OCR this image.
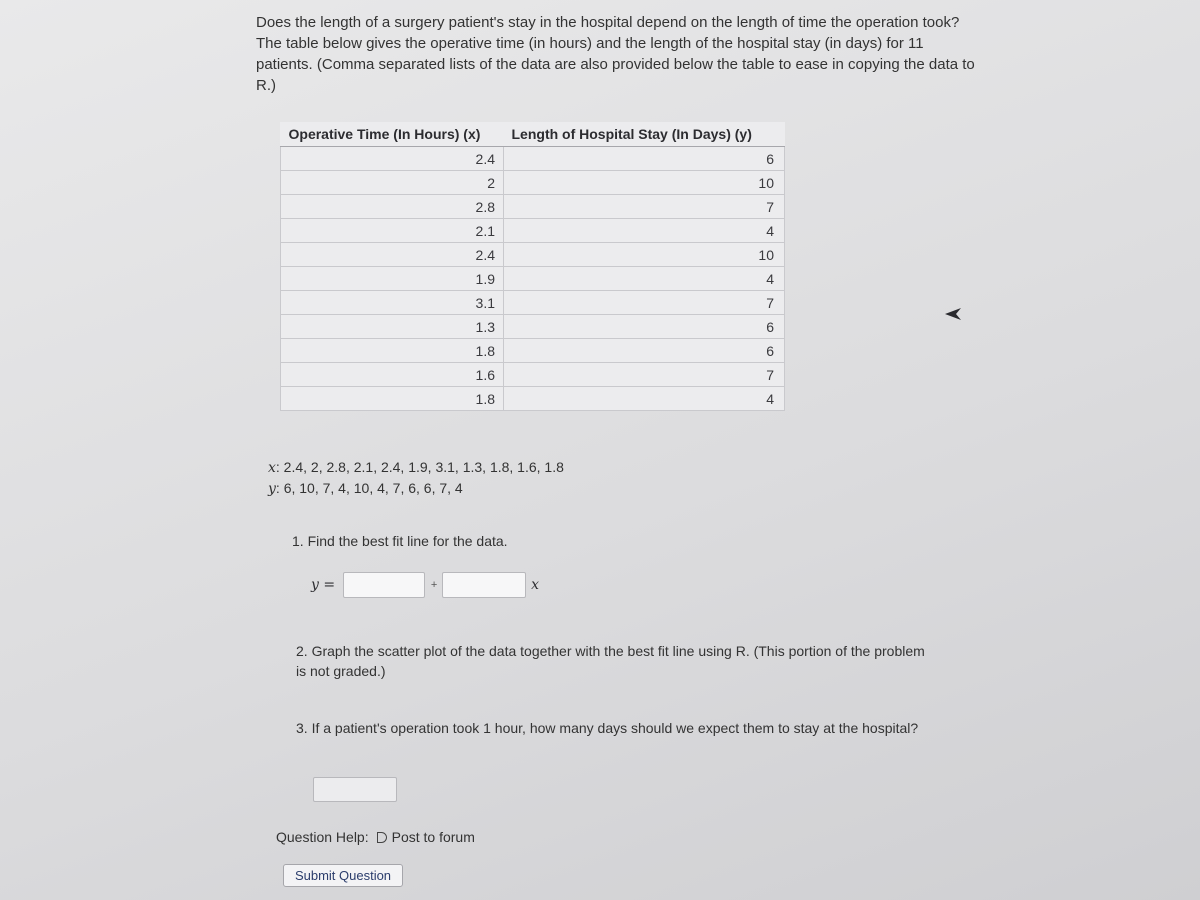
Does the length of a surgery patient's stay in the hospital depend on the length of time the operation took? The table below gives the operative time (in hours) and the length of the hospital stay (in days) for 11 patients. (Comma separated lists of the data are also provided below the table to ease in copying the data to R.)
Operative Time (In Hours) (x)	Length of Hospital Stay (In Days) (y)
2.4	6
2	10
2.8	7
2.1	4
2.4	10
1.9	4
3.1	7
1.3	6
1.8	6
1.6	7
1.8	4
x: 2.4, 2, 2.8, 2.1, 2.4, 1.9, 3.1, 1.3, 1.8, 1.6, 1.8
y: 6, 10, 7, 4, 10, 4, 7, 6, 6, 7, 4
1. Find the best fit line for the data.
y =	+	x
2. Graph the scatter plot of the data together with the best fit line using R. (This portion of the problem is not graded.)
3. If a patient's operation took 1 hour, how many days should we expect them to stay at the hospital?
Question Help: Post to forum
Submit Question
